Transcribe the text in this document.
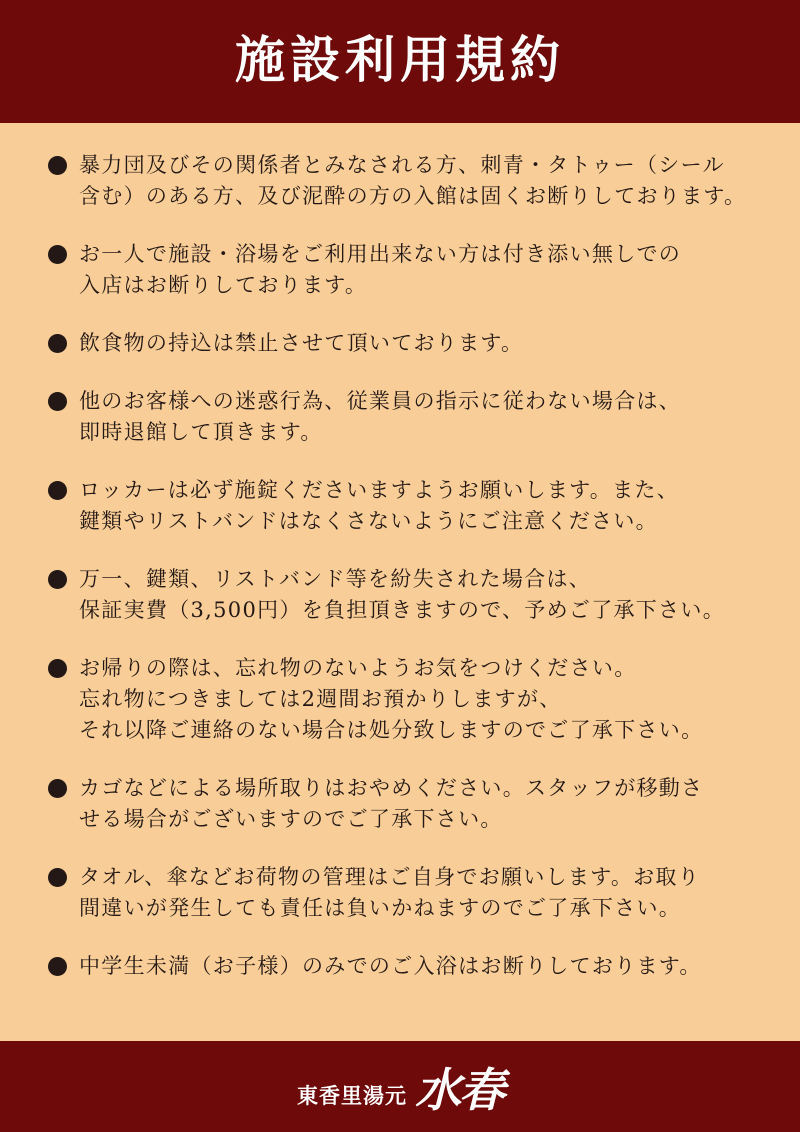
施設利用規約
暴力団及びその関係者とみなされる方、刺青・タトゥー（シール
含む）のある方、及び泥酔の方の入館は固くお断りしております。
お一人で施設・浴場をご利用出来ない方は付き添い無しでの
入店はお断りしております。
飲食物の持込は禁止させて頂いております。
他のお客様への迷惑行為、従業員の指示に従わない場合は、
即時退館して頂きます。
ロッカーは必ず施錠くださいますようお願いします。また、
鍵類やリストバンドはなくさないようにご注意ください。
万一、鍵類、リストバンド等を紛失された場合は、
保証実費（3,500円）を負担頂きますので、予めご了承下さい。
お帰りの際は、忘れ物のないようお気をつけください。
忘れ物につきましては2週間お預かりしますが、
それ以降ご連絡のない場合は処分致しますのでご了承下さい。
カゴなどによる場所取りはおやめください。スタッフが移動さ
せる場合がございますのでご了承下さい。
タオル、傘などお荷物の管理はご自身でお願いします。お取り
間違いが発生しても責任は負いかねますのでご了承下さい。
中学生未満（お子様）のみでのご入浴はお断りしております。
東香里湯元 水春
